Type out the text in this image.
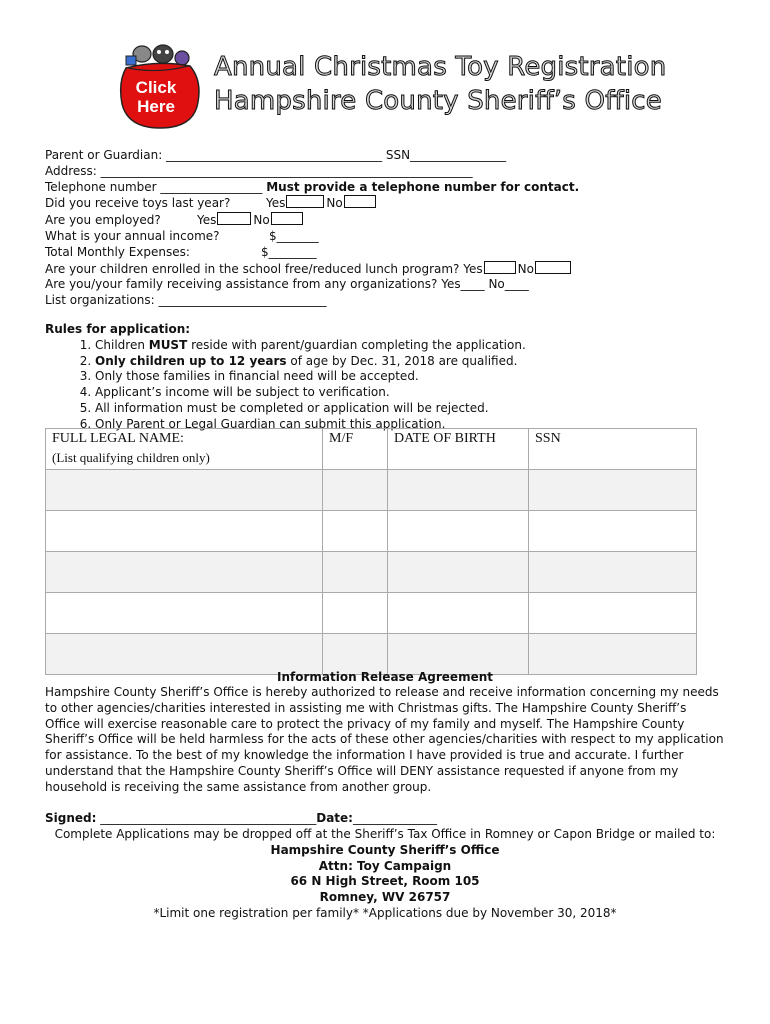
Click Here
Annual Christmas Toy Registration
Hampshire County Sheriff’s Office
Parent or Guardian: ____________________________________ SSN________________
Address: ______________________________________________________________
Telephone number _________________ Must provide a telephone number for contact.
Did you receive toys last year?	Yes	No
Are you employed?	Yes	No
What is your annual income?	$_______
Total Monthly Expenses:	$________
Are your children enrolled in the school free/reduced lunch program? Yes	No
Are you/your family receiving assistance from any organizations? Yes____ No____
List organizations: ____________________________
Rules for application:
1. Children MUST reside with parent/guardian completing the application.
2. Only children up to 12 years of age by Dec. 31, 2018 are qualified.
3. Only those families in financial need will be accepted.
4. Applicant’s income will be subject to verification.
5. All information must be completed or application will be rejected.
6. Only Parent or Legal Guardian can submit this application.
FULL LEGAL NAME:
(List qualifying children only)	M/F	DATE OF BIRTH	SSN

Information Release Agreement
Hampshire County Sheriff’s Office is hereby authorized to release and receive information concerning my needs to other agencies/charities interested in assisting me with Christmas gifts. The Hampshire County Sheriff’s Office will exercise reasonable care to protect the privacy of my family and myself. The Hampshire County Sheriff’s Office will be held harmless for the acts of these other agencies/charities with respect to my application for assistance. To the best of my knowledge the information I have provided is true and accurate. I further understand that the Hampshire County Sheriff’s Office will DENY assistance requested if anyone from my household is receiving the same assistance from another group.
Signed: ____________________________________Date:______________
Complete Applications may be dropped off at the Sheriff’s Tax Office in Romney or Capon Bridge or mailed to:
Hampshire County Sheriff’s Office
Attn: Toy Campaign
66 N High Street, Room 105
Romney, WV 26757
*Limit one registration per family* *Applications due by November 30, 2018*
